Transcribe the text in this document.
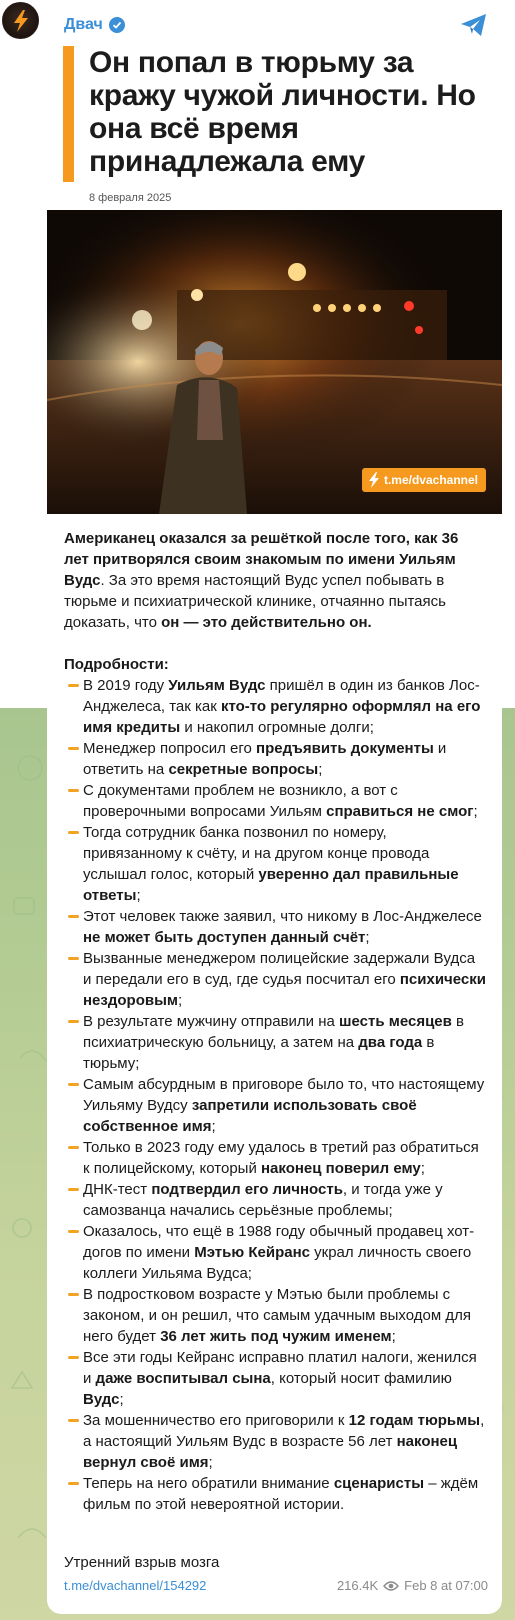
Двач
Он попал в тюрьму за кражу чужой личности. Но она всё время принадлежала ему
8 февраля 2025
t.me/dvachannel
Американец оказался за решёткой после того, как 36 лет притворялся своим знакомым по имени Уильям Вудс. За это время настоящий Вудс успел побывать в тюрьме и психиатрической клинике, отчаянно пытаясь доказать, что он — это действительно он.
Подробности:
В 2019 году Уильям Вудс пришёл в один из банков Лос-Анджелеса, так как кто-то регулярно оформлял на его имя кредиты и накопил огромные долги;
Менеджер попросил его предъявить документы и ответить на секретные вопросы;
С документами проблем не возникло, а вот с проверочными вопросами Уильям справиться не смог;
Тогда сотрудник банка позвонил по номеру, привязанному к счёту, и на другом конце провода услышал голос, который уверенно дал правильные ответы;
Этот человек также заявил, что никому в Лос-Анджелесе не может быть доступен данный счёт;
Вызванные менеджером полицейские задержали Вудса и передали его в суд, где судья посчитал его психически нездоровым;
В результате мужчину отправили на шесть месяцев в психиатрическую больницу, а затем на два года в тюрьму;
Самым абсурдным в приговоре было то, что настоящему Уильяму Вудсу запретили использовать своё собственное имя;
Только в 2023 году ему удалось в третий раз обратиться к полицейскому, который наконец поверил ему;
ДНК-тест подтвердил его личность, и тогда уже у самозванца начались серьёзные проблемы;
Оказалось, что ещё в 1988 году обычный продавец хот-догов по имени Мэтью Кейранс украл личность своего коллеги Уильяма Вудса;
В подростковом возрасте у Мэтью были проблемы с законом, и он решил, что самым удачным выходом для него будет 36 лет жить под чужим именем;
Все эти годы Кейранс исправно платил налоги, женился и даже воспитывал сына, который носит фамилию Вудс;
За мошенничество его приговорили к 12 годам тюрьмы, а настоящий Уильям Вудс в возрасте 56 лет наконец вернул своё имя;
Теперь на него обратили внимание сценаристы – ждём фильм по этой невероятной истории.
Утренний взрыв мозга
t.me/dvachannel/154292	216.4K Feb 8 at 07:00
